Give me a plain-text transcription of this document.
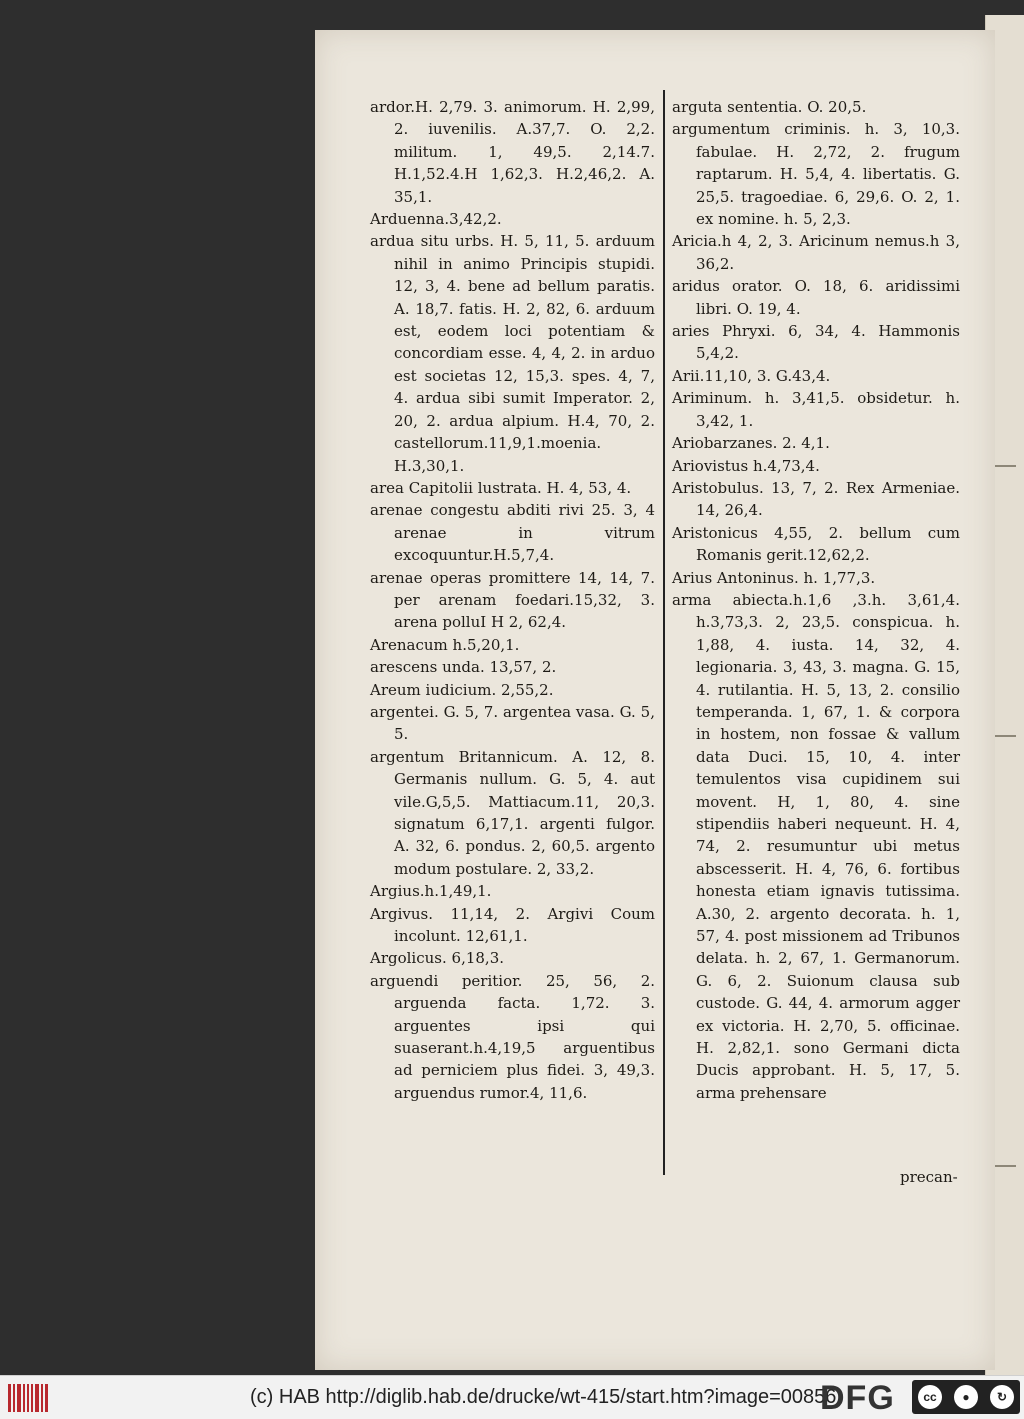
ardor.H. 2,79. 3. animorum. H. 2,99, 2. iuvenilis. A.37,7. O. 2,2. militum. 1, 49,5. 2,14.7. H.1,52.4.H 1,62,3. H.2,46,2. A. 35,1.

Arduenna.3,42,2.

ardua situ urbs. H. 5, 11, 5. arduum nihil in animo Principis stupidi. 12, 3, 4. bene ad bellum paratis. A. 18,7. fatis. H. 2, 82, 6. arduum est, eodem loci potentiam & concordiam esse. 4, 4, 2. in arduo est societas 12, 15,3. spes. 4, 7, 4. ardua sibi sumit Imperator. 2, 20, 2. ardua alpium. H.4, 70, 2. castellorum.11,9,1.moenia. H.3,30,1.

area Capitolii lustrata. H. 4, 53, 4.

arenae congestu abditi rivi 25. 3, 4 arenae in vitrum excoquuntur.H.5,7,4.

arenae operas promittere 14, 14, 7. per arenam foedari.15,32, 3. arena polluI H 2, 62,4.

Arenacum h.5,20,1.

arescens unda. 13,57, 2.

Areum iudicium. 2,55,2.

argentei. G. 5, 7. argentea vasa. G. 5, 5.

argentum Britannicum. A. 12, 8. Germanis nullum. G. 5, 4. aut vile.G,5,5. Mattiacum.11, 20,3. signatum 6,17,1. argenti fulgor. A. 32, 6. pondus. 2, 60,5. argento modum postulare. 2, 33,2.

Argius.h.1,49,1.

Argivus. 11,14, 2. Argivi Coum incolunt. 12,61,1.

Argolicus. 6,18,3.

arguendi peritior. 25, 56, 2. arguenda facta. 1,72. 3. arguentes ipsi qui suaserant.h.4,19,5 arguentibus ad perniciem plus fidei. 3, 49,3. arguendus rumor.4, 11,6.

arguta sententia. O. 20,5.

argumentum criminis. h. 3, 10,3. fabulae. H. 2,72, 2. frugum raptarum. H. 5,4, 4. libertatis. G. 25,5. tragoediae. 6, 29,6. O. 2, 1. ex nomine. h. 5, 2,3.

Aricia.h 4, 2, 3. Aricinum nemus.h 3, 36,2.

aridus orator. O. 18, 6. aridissimi libri. O. 19, 4.

aries Phryxi. 6, 34, 4. Hammonis 5,4,2.

Arii.11,10, 3. G.43,4.

Ariminum. h. 3,41,5. obsidetur. h. 3,42, 1.

Ariobarzanes. 2. 4,1.

Ariovistus h.4,73,4.

Aristobulus. 13, 7, 2. Rex Armeniae. 14, 26,4.

Aristonicus 4,55, 2. bellum cum Romanis gerit.12,62,2.

Arius Antoninus. h. 1,77,3.

arma abiecta.h.1,6 ,3.h. 3,61,4. h.3,73,3. 2, 23,5. conspicua. h. 1,88, 4. iusta. 14, 32, 4. legionaria. 3, 43, 3. magna. G. 15, 4. rutilantia. H. 5, 13, 2. consilio temperanda. 1, 67, 1. & corpora in hostem, non fossae & vallum data Duci. 15, 10, 4. inter temulentos visa cupidinem sui movent. H, 1, 80, 4. sine stipendiis haberi nequeunt. H. 4, 74, 2. resumuntur ubi metus abscesserit. H. 4, 76, 6. fortibus honesta etiam ignavis tutissima. A.30, 2. argento decorata. h. 1, 57, 4. post missionem ad Tribunos delata. h. 2, 67, 1. Germanorum. G. 6, 2. Suionum clausa sub custode. G. 44, 4. armorum agger ex victoria. H. 2,70, 5. officinae. H. 2,82,1. sono Germani dicta Ducis approbant. H. 5, 17, 5. arma prehensare

precan-
(c) HAB http://diglib.hab.de/drucke/wt-415/start.htm?image=00856
DFG	cc	●	↻
